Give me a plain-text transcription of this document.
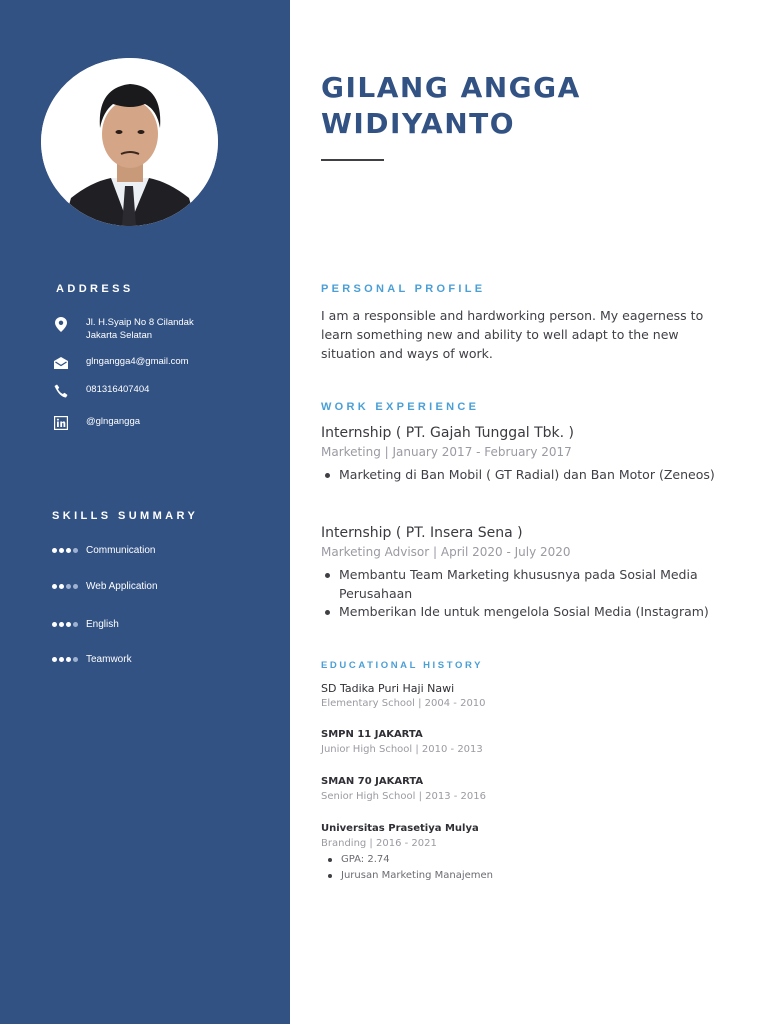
ADDRESS
Jl. H.Syaip No 8 Cilandak
Jakarta Selatan
glngangga4@gmail.com
081316407404
@glngangga
SKILLS SUMMARY
Communication
Web Application
English
Teamwork
GILANG ANGGA
WIDIYANTO
PERSONAL PROFILE
I am a responsible and hardworking person. My eagerness to learn something new and ability to well adapt to the new situation and ways of work.
WORK EXPERIENCE
Internship ( PT. Gajah Tunggal Tbk. )
Marketing | January 2017 - February 2017
Marketing di Ban Mobil ( GT Radial) dan Ban Motor (Zeneos)
Internship ( PT. Insera Sena )
Marketing Advisor | April 2020 - July 2020
Membantu Team Marketing khususnya pada Sosial Media Perusahaan
Memberikan Ide untuk mengelola Sosial Media (Instagram)
EDUCATIONAL HISTORY
SD Tadika Puri Haji Nawi
Elementary School | 2004 - 2010
SMPN 11 JAKARTA
Junior High School | 2010 - 2013
SMAN 70 JAKARTA
Senior High School | 2013 - 2016
Universitas Prasetiya Mulya
Branding | 2016 - 2021
GPA: 2.74
Jurusan Marketing Manajemen
